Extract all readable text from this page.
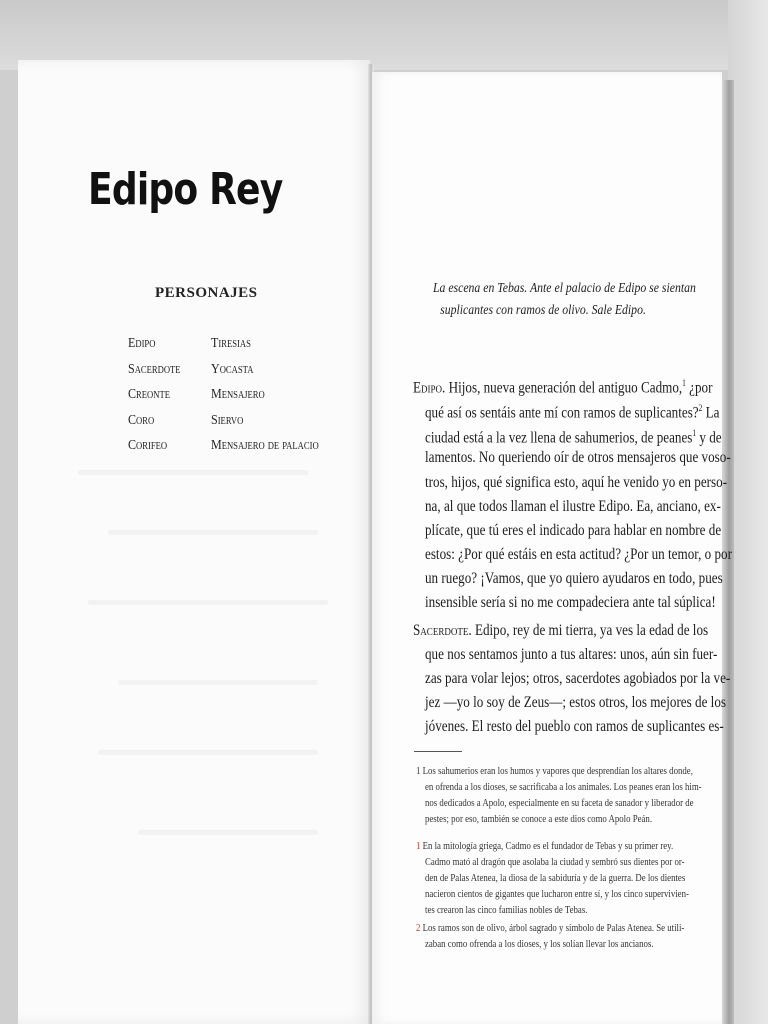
Edipo Rey
PERSONAJES
Edipo
Sacerdote
Creonte
Coro
Corifeo
Tiresias
Yocasta
Mensajero
Siervo
Mensajero de palacio

La escena en Tebas. Ante el palacio de Edipo se sientan
suplicantes con ramos de olivo. Sale Edipo.

Edipo. Hijos, nueva generación del antiguo Cadmo,$^1$ ¿por

qué así os sentáis ante mí con ramos de suplicantes?$^2$ La

ciudad está a la vez llena de sahumerios, de peanes$^1$ y de

lamentos. No queriendo oír de otros mensajeros que voso-

tros, hijos, qué significa esto, aquí he venido yo en perso-

na, al que todos llaman el ilustre Edipo. Ea, anciano, ex-

plícate, que tú eres el indicado para hablar en nombre de

estos: ¿Por qué estáis en esta actitud? ¿Por un temor, o por

un ruego? ¡Vamos, que yo quiero ayudaros en todo, pues

insensible sería si no me compadeciera ante tal súplica!

Sacerdote. Edipo, rey de mi tierra, ya ves la edad de los

que nos sentamos junto a tus altares: unos, aún sin fuer-

zas para volar lejos; otros, sacerdotes agobiados por la ve-

jez —yo lo soy de Zeus—; estos otros, los mejores de los

jóvenes. El resto del pueblo con ramos de suplicantes es-

1 Los sahumerios eran los humos y vapores que desprendían los altares donde,

en ofrenda a los dioses, se sacrificaba a los animales. Los peanes eran los him-

nos dedicados a Apolo, especialmente en su faceta de sanador y liberador de

pestes; por eso, también se conoce a este dios como Apolo Peán.

1 En la mitología griega, Cadmo es el fundador de Tebas y su primer rey.

Cadmo mató al dragón que asolaba la ciudad y sembró sus dientes por or-

den de Palas Atenea, la diosa de la sabiduría y de la guerra. De los dientes

nacieron cientos de gigantes que lucharon entre sí, y los cinco supervivien-

tes crearon las cinco familias nobles de Tebas.

2 Los ramos son de olivo, árbol sagrado y símbolo de Palas Atenea. Se utili-

zaban como ofrenda a los dioses, y los solían llevar los ancianos.
